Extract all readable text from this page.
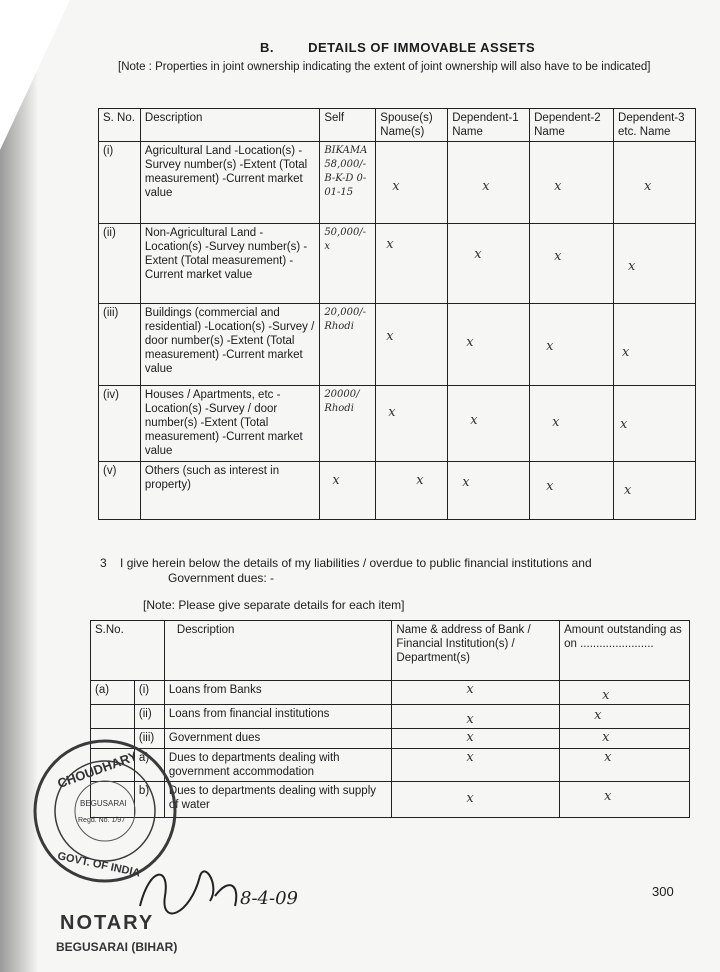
B.	DETAILS OF IMMOVABLE ASSETS
[Note : Properties in joint ownership indicating the extent of joint ownership will also have to be indicated]
S. No.	Description	Self	Spouse(s) Name(s)	Dependent-1 Name	Dependent-2 Name	Dependent-3 etc. Name
(i)	Agricultural Land -Location(s) -Survey number(s) -Extent (Total measurement) -Current market value	BIKAMA 58,000/- B-K-D 0-01-15	x	x	x	x
(ii)	Non-Agricultural Land -Location(s) -Survey number(s) -Extent (Total measurement) -Current market value	50,000/- x	x	x	x	x
(iii)	Buildings (commercial and residential) -Location(s) -Survey / door number(s) -Extent (Total measurement) -Current market value	20,000/- Rhodi	x	x	x	x
(iv)	Houses / Apartments, etc -Location(s) -Survey / door number(s) -Extent (Total measurement) -Current market value	20000/ Rhodi	x	x	x	x
(v)	Others (such as interest in property)	x	x	x	x	x
3 I give herein below the details of my liabilities / overdue to public financial institutions and
Government dues: -
[Note: Please give separate details for each item]
S.No.		Description	Name & address of Bank / Financial Institution(s) / Department(s)	Amount outstanding as on .......................
(a)	(i)	Loans from Banks	x	x
	(ii)	Loans from financial institutions	x	x
	(iii)	Government dues	x	x
	a)	Dues to departments dealing with government accommodation	x	x
	b)	Dues to departments dealing with supply of water	x	x
300
CHOUDHARY
BEGUSARAI
Regd. No. 1/97
GOVT. OF INDIA
8-4-09
NOTARY
BEGUSARAI (BIHAR)
